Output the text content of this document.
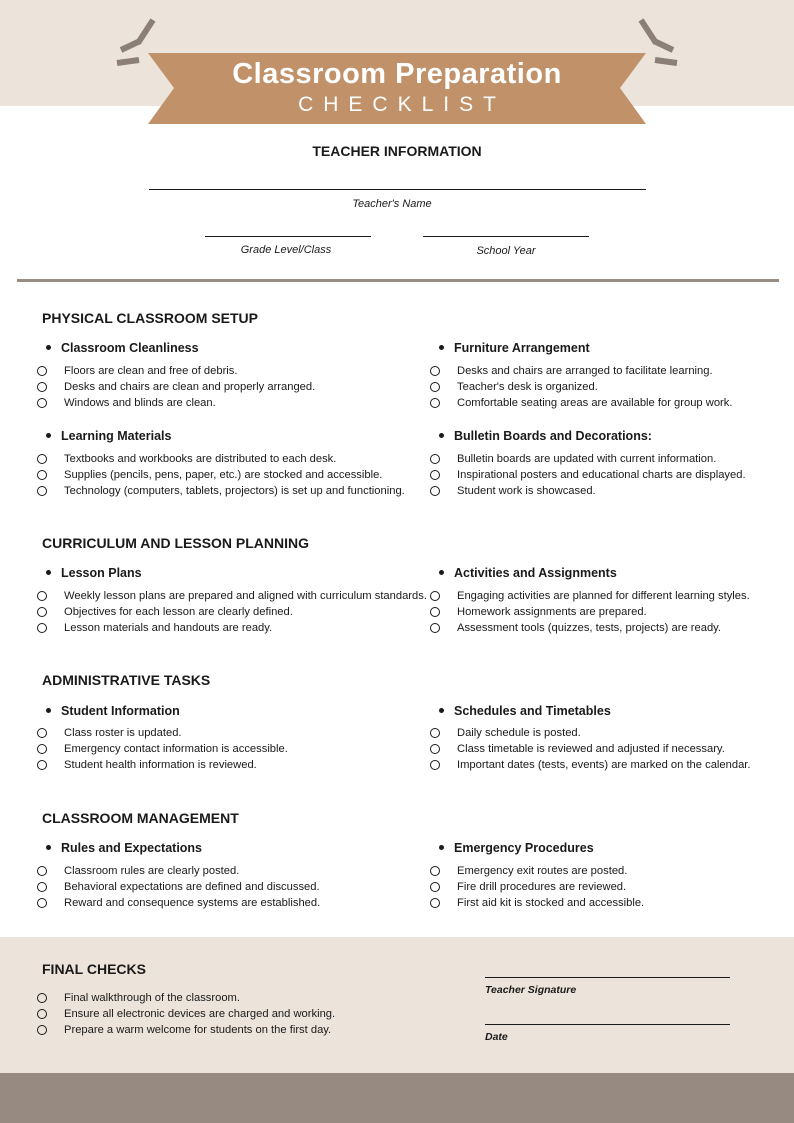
Classroom Preparation
CHECKLIST
TEACHER INFORMATION
Teacher's Name
Grade Level/Class	School Year
PHYSICAL CLASSROOM SETUP
Classroom Cleanliness
Floors are clean and free of debris.
Desks and chairs are clean and properly arranged.
Windows and blinds are clean.
Furniture Arrangement
Desks and chairs are arranged to facilitate learning.
Teacher's desk is organized.
Comfortable seating areas are available for group work.
Learning Materials
Textbooks and workbooks are distributed to each desk.
Supplies (pencils, pens, paper, etc.) are stocked and accessible.
Technology (computers, tablets, projectors) is set up and functioning.
Bulletin Boards and Decorations:
Bulletin boards are updated with current information.
Inspirational posters and educational charts are displayed.
Student work is showcased.
CURRICULUM AND LESSON PLANNING
Lesson Plans
Weekly lesson plans are prepared and aligned with curriculum standards.
Objectives for each lesson are clearly defined.
Lesson materials and handouts are ready.
Activities and Assignments
Engaging activities are planned for different learning styles.
Homework assignments are prepared.
Assessment tools (quizzes, tests, projects) are ready.
ADMINISTRATIVE TASKS
Student Information
Class roster is updated.
Emergency contact information is accessible.
Student health information is reviewed.
Schedules and Timetables
Daily schedule is posted.
Class timetable is reviewed and adjusted if necessary.
Important dates (tests, events) are marked on the calendar.
CLASSROOM MANAGEMENT
Rules and Expectations
Classroom rules are clearly posted.
Behavioral expectations are defined and discussed.
Reward and consequence systems are established.
Emergency Procedures
Emergency exit routes are posted.
Fire drill procedures are reviewed.
First aid kit is stocked and accessible.
FINAL CHECKS
Final walkthrough of the classroom.
Ensure all electronic devices are charged and working.
Prepare a warm welcome for students on the first day.
Teacher Signature
Date
